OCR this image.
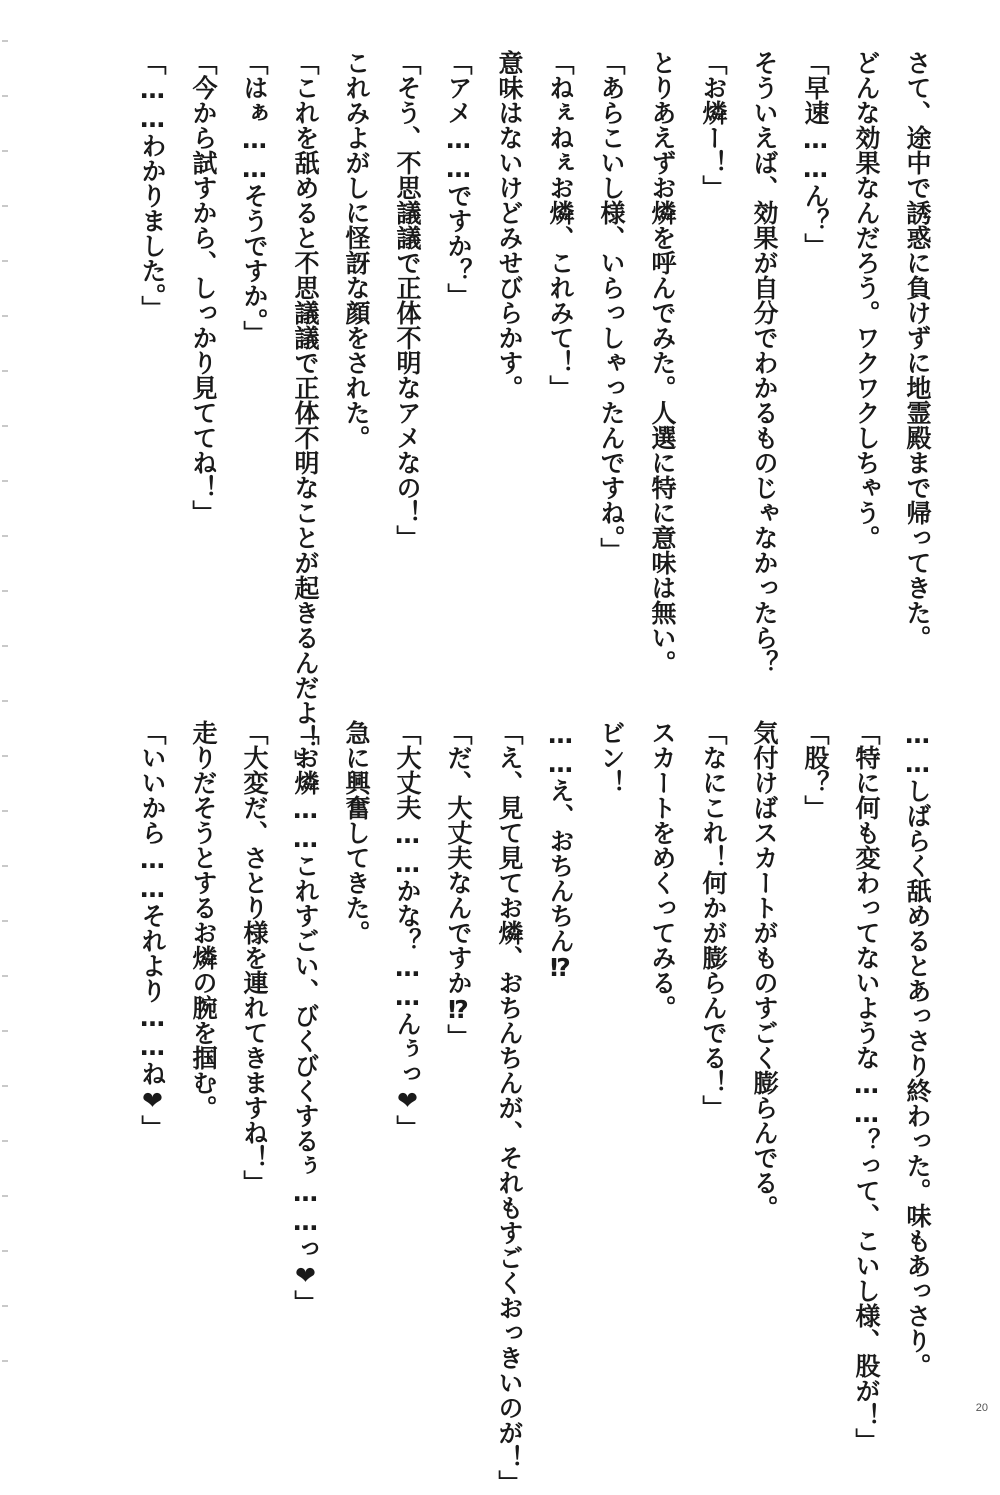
さて、途中で誘惑に負けずに地霊殿まで帰ってきた。
どんな効果なんだろう。ワクワクしちゃう。
「早速……ん？」
そういえば、効果が自分でわかるものじゃなかったら？
「お燐ー！」
とりあえずお燐を呼んでみた。人選に特に意味は無い。
「あらこいし様、いらっしゃったんですね。」
「ねぇねぇお燐、これみて！」
意味はないけどみせびらかす。
「アメ……ですか？」
「そう、不思議議で正体不明なアメなの！」
これみよがしに怪訝な顔をされた。
「これを舐めると不思議議で正体不明なことが起きるんだよ！」
「はぁ……そうですか。」
「今から試すから、しっかり見ててね！」
「……わかりました。」
……しばらく舐めるとあっさり終わった。味もあっさり。
「特に何も変わってないような……？って、こいし様、股が！」
「股？」
気付けばスカートがものすごく膨らんでる。
「なにこれ！何かが膨らんでる！」
スカートをめくってみる。
ビン！
……え、おちんちん⁉
「え、見て見てお燐、おちんちんが、それもすごくおっきいのが！」
「だ、大丈夫なんですか⁉」
「大丈夫……かな？……んぅっ❤」
急に興奮してきた。
「お燐……これすごい、びくびくするぅ……っ❤」
「大変だ、さとり様を連れてきますね！」
走りだそうとするお燐の腕を掴む。
「いいから……それより……ね❤」
20
